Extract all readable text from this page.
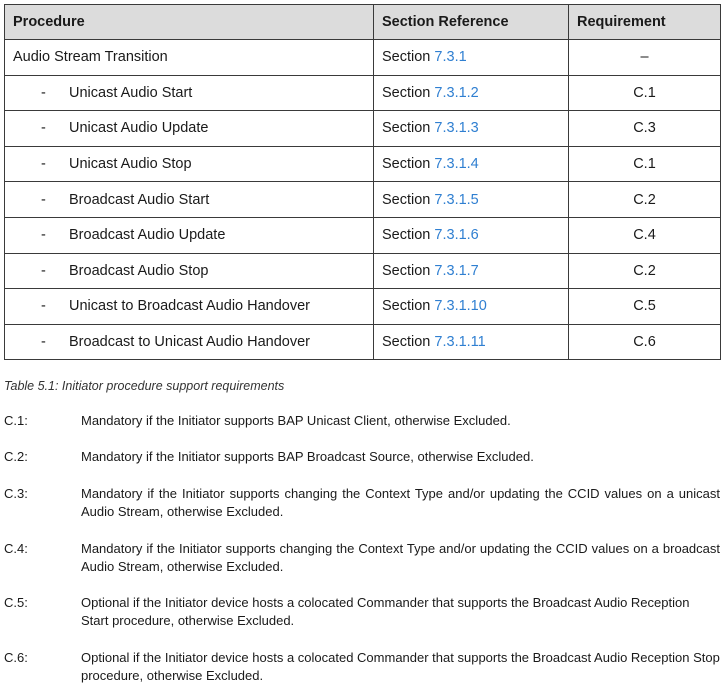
Procedure	Section Reference	Requirement
Audio Stream Transition	Section 7.3.1	–
- Unicast Audio Start	Section 7.3.1.2	C.1
- Unicast Audio Update	Section 7.3.1.3	C.3
- Unicast Audio Stop	Section 7.3.1.4	C.1
- Broadcast Audio Start	Section 7.3.1.5	C.2
- Broadcast Audio Update	Section 7.3.1.6	C.4
- Broadcast Audio Stop	Section 7.3.1.7	C.2
- Unicast to Broadcast Audio Handover	Section 7.3.1.10	C.5
- Broadcast to Unicast Audio Handover	Section 7.3.1.11	C.6
Table 5.1: Initiator procedure support requirements
C.1:	Mandatory if the Initiator supports BAP Unicast Client, otherwise Excluded.
C.2:	Mandatory if the Initiator supports BAP Broadcast Source, otherwise Excluded.
C.3:	Mandatory if the Initiator supports changing the Context Type and/or updating the CCID values on a unicast Audio Stream, otherwise Excluded.
C.4:	Mandatory if the Initiator supports changing the Context Type and/or updating the CCID values on a broadcast Audio Stream, otherwise Excluded.
C.5:	Optional if the Initiator device hosts a colocated Commander that supports the Broadcast Audio Reception Start procedure, otherwise Excluded.
C.6:	Optional if the Initiator device hosts a colocated Commander that supports the Broadcast Audio Reception Stop procedure, otherwise Excluded.
